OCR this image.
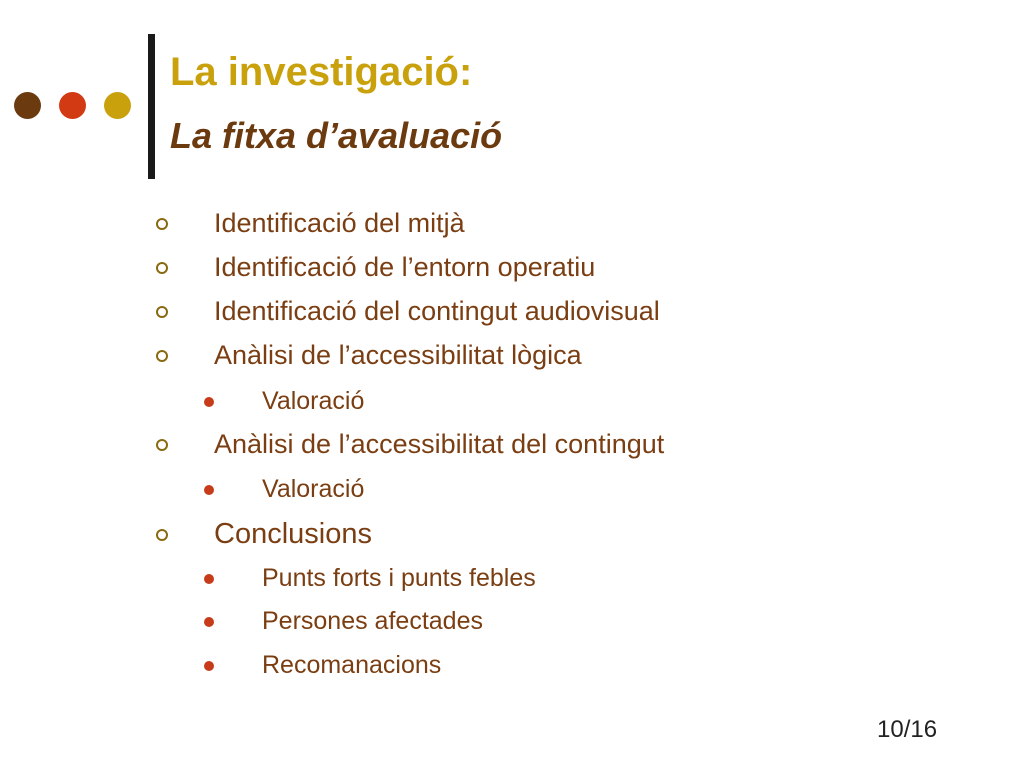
La investigació:
La fitxa d’avaluació
Identificació del mitjà
Identificació de l’entorn operatiu
Identificació del contingut audiovisual
Anàlisi de l’accessibilitat lògica
Valoració
Anàlisi de l’accessibilitat del contingut
Valoració
Conclusions
Punts forts i punts febles
Persones afectades
Recomanacions
10/16
